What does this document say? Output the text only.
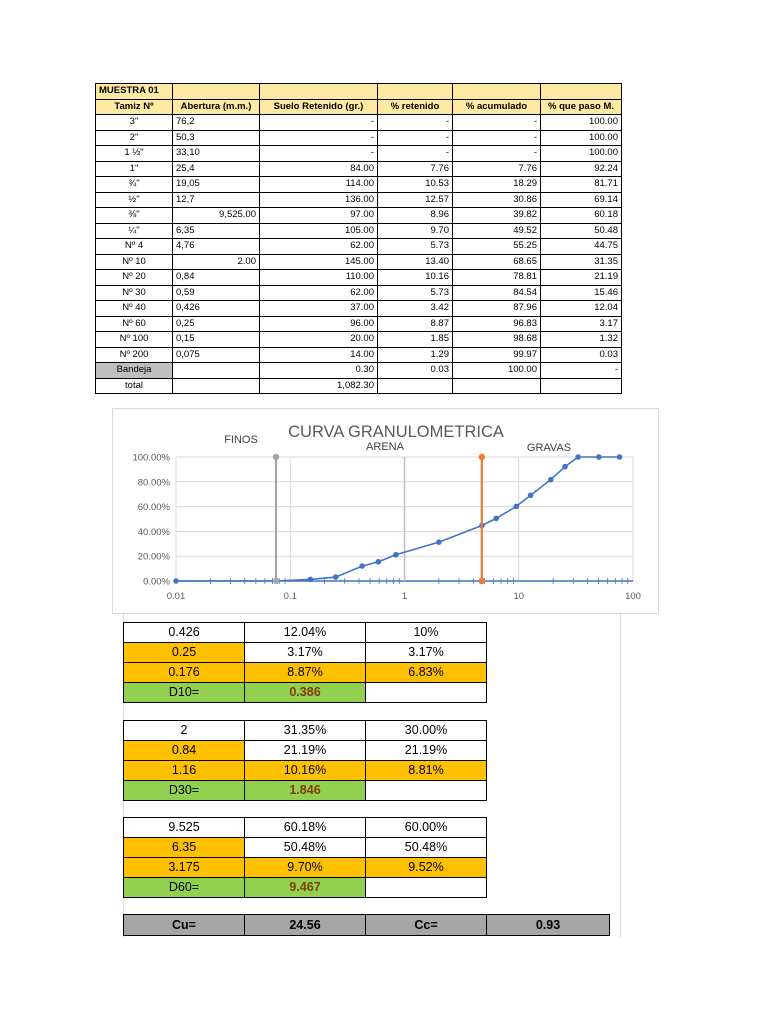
MUESTRA 01					
Tamiz Nº	Abertura (m.m.)	Suelo Retenido (gr.)	% retenido	% acumulado	% que paso M.
3"	76,2	-	-	-	100.00
2"	50,3	-	-	-	100.00
1 ½"	33,10	-	-	-	100.00
1"	25,4	84.00	7.76	7.76	92.24
¾"	19,05	114.00	10.53	18.29	81.71
½"	12,7	136.00	12.57	30.86	69.14
⅜"	9,525.00	97.00	8.96	39.82	60.18
¼"	6,35	105.00	9.70	49.52	50.48
Nº 4	4,76	62.00	5.73	55.25	44.75
Nº 10	2.00	145.00	13.40	68.65	31.35
Nº 20	0,84	110.00	10.16	78.81	21.19
Nº 30	0,59	62.00	5.73	84.54	15.46
Nº 40	0,426	37.00	3.42	87.96	12.04
Nº 60	0,25	96.00	8.87	96.83	3.17
Nº 100	0,15	20.00	1.85	98.68	1.32
Nº 200	0,075	14.00	1.29	99.97	0.03
Bandeja		0.30	0.03	100.00	-
total		1,082.30			
0.00%
20.00%
40.00%
60.00%
80.00%
100.00%
0.01	0.1	1	10	100
CURVA GRANULOMETRICA
FINOS
ARENA	GRAVAS
0.426	12.04%	10%	
0.25	3.17%	3.17%	
0.176	8.87%	6.83%	
D10=	0.386		
2	31.35%	30.00%	
0.84	21.19%	21.19%	
1.16	10.16%	8.81%	
D30=	1.846		
9.525	60.18%	60.00%	
6.35	50.48%	50.48%	
3.175	9.70%	9.52%	
D60=	9.467		
Cu=	24.56	Cc=	0.93
